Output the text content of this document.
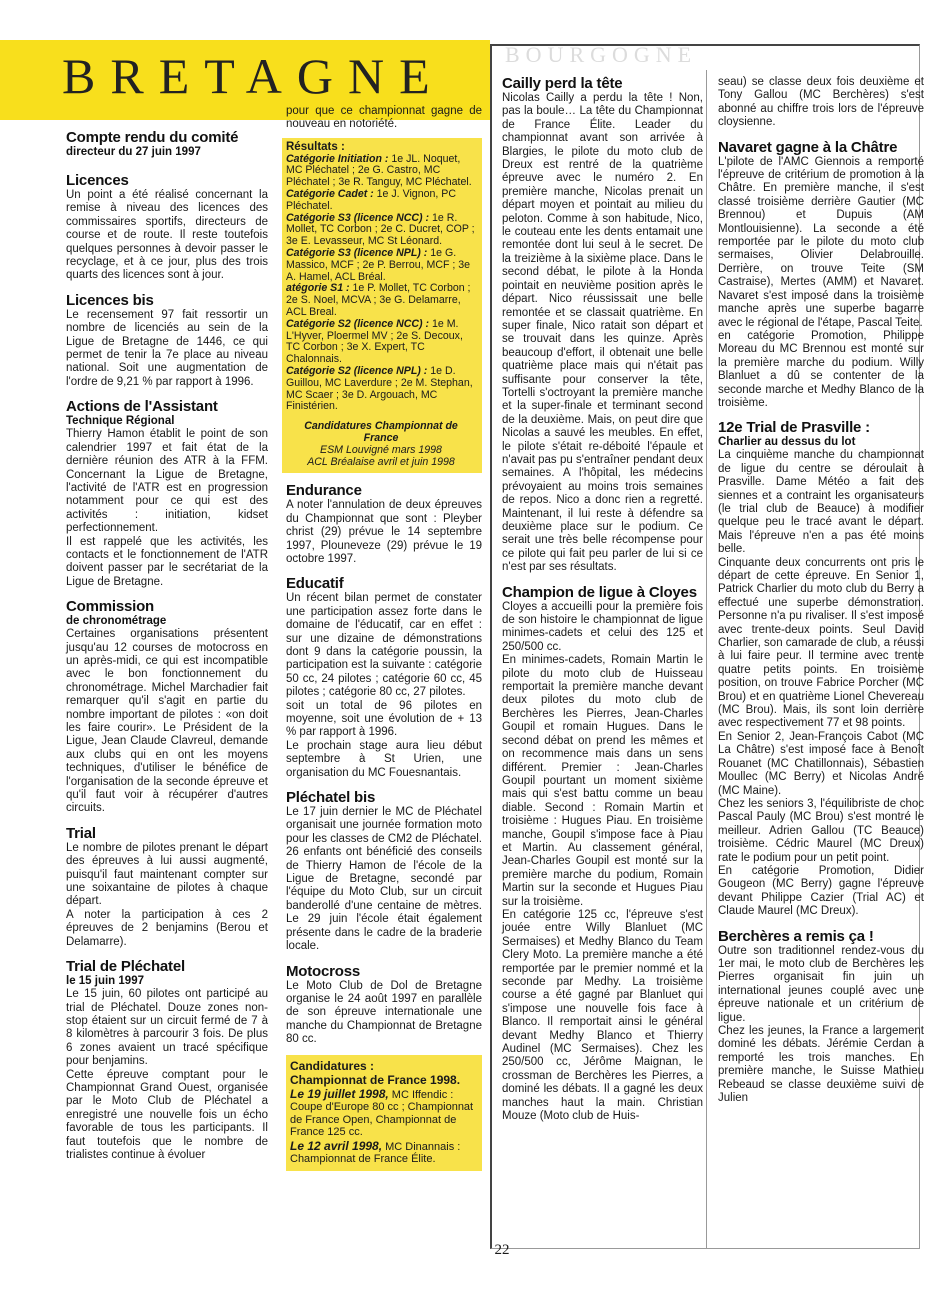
BRETAGNE	BOURGOGNE
Compte rendu du comité
directeur du 27 juin 1997
Licences

Un point a été réalisé concernant la remise à niveau des licences des commissaires sportifs, directeurs de course et de route. Il reste toutefois quelques personnes à devoir passer le recyclage, et à ce jour, plus des trois quarts des licences sont à jour.

Licences bis

Le recensement 97 fait ressortir un nombre de licenciés au sein de la Ligue de Bretagne de 1446, ce qui permet de tenir la 7e place au niveau national. Soit une augmentation de l'ordre de 9,21 % par rapport à 1996.

Actions de l'Assistant
Technique Régional

Thierry Hamon établit le point de son calendrier 1997 et fait état de la dernière réunion des ATR à la FFM. Concernant la Ligue de Bretagne, l'activité de l'ATR est en progression notamment pour ce qui est des activités : initiation, kidset perfectionnement.

Il est rappelé que les activités, les contacts et le fonctionnement de l'ATR doivent passer par le secrétariat de la Ligue de Bretagne.

Commission
de chronométrage

Certaines organisations présentent jusqu'au 12 courses de motocross en un après-midi, ce qui est incompatible avec le bon fonctionnement du chronométrage. Michel Marchadier fait remarquer qu'il s'agit en partie du nombre important de pilotes : «on doit les faire courir». Le Président de la Ligue, Jean Claude Clavreul, demande aux clubs qui en ont les moyens techniques, d'utiliser le bénéfice de l'organisation de la seconde épreuve et qu'il faut voir à récupérer d'autres circuits.

Trial

Le nombre de pilotes prenant le départ des épreuves à lui aussi augmenté, puisqu'il faut maintenant compter sur une soixantaine de pilotes à chaque départ.

A noter la participation à ces 2 épreuves de 2 benjamins (Berou et Delamarre).

Trial de Pléchatel
le 15 juin 1997

Le 15 juin, 60 pilotes ont participé au trial de Pléchatel. Douze zones non-stop étaient sur un circuit fermé de 7 à 8 kilomètres à parcourir 3 fois. De plus 6 zones avaient un tracé spécifique pour benjamins.

Cette épreuve comptant pour le Championnat Grand Ouest, organisée par le Moto Club de Pléchatel a enregistré une nouvelle fois un écho favorable de tous les participants. Il faut toutefois que le nombre de trialistes continue à évoluer

pour que ce championnat gagne de nouveau en notoriété.

Résultats :
Catégorie Initiation : 1e JL. Noquet, MC Pléchatel ; 2e G. Castro, MC Pléchatel ; 3e R. Tanguy, MC Pléchatel.
Catégorie Cadet : 1e J. Vignon, PC Pléchatel.
Catégorie S3 (licence NCC) : 1e R. Mollet, TC Corbon ; 2e C. Ducret, COP ; 3e E. Levasseur, MC St Léonard.
Catégorie S3 (licence NPL) : 1e G. Massico, MCF ; 2e P. Berrou, MCF ; 3e A. Hamel, ACL Bréal.
atégorie S1 : 1e P. Mollet, TC Corbon ; 2e S. Noel, MCVA ; 3e G. Delamarre, ACL Breal.
Catégorie S2 (licence NCC) : 1e M. L'Hyver, Ploermel MV ; 2e S. Decoux, TC Corbon ; 3e X. Expert, TC Chalonnais.
Catégorie S2 (licence NPL) : 1e D. Guillou, MC Laverdure ; 2e M. Stephan, MC Scaer ; 3e D. Argouach, MC Finistérien.
Candidatures Championnat de France
ESM Louvigné mars 1998
ACL Bréalaise avril et juin 1998
Endurance

A noter l'annulation de deux épreuves du Championnat que sont : Pleyber christ (29) prévue le 14 septembre 1997, Plouneveze (29) prévue le 19 octobre 1997.

Educatif

Un récent bilan permet de constater une participation assez forte dans le domaine de l'éducatif, car en effet : sur une dizaine de démonstrations dont 9 dans la catégorie poussin, la participation est la suivante : catégorie 50 cc, 24 pilotes ; catégorie 60 cc, 45 pilotes ; catégorie 80 cc, 27 pilotes.

soit un total de 96 pilotes en moyenne, soit une évolution de + 13 % par rapport à 1996.

Le prochain stage aura lieu début septembre à St Urien, une organisation du MC Fouesnantais.

Pléchatel bis

Le 17 juin dernier le MC de Pléchatel organisait une journée formation moto pour les classes de CM2 de Pléchatel. 26 enfants ont bénéficié des conseils de Thierry Hamon de l'école de la Ligue de Bretagne, secondé par l'équipe du Moto Club, sur un circuit banderollé d'une centaine de mètres. Le 29 juin l'école était également présente dans le cadre de la braderie locale.

Motocross

Le Moto Club de Dol de Bretagne organise le 24 août 1997 en parallèle de son épreuve internationale une manche du Championnat de Bretagne 80 cc.

Candidatures :
Championnat de France 1998.
Le 19 juillet 1998, MC Iffendic : Coupe d'Europe 80 cc ; Championnat de France Open, Championnat de France 125 cc.
Le 12 avril 1998, MC Dinannais : Championnat de France Élite.
Cailly perd la tête

Nicolas Cailly a perdu la tête ! Non, pas la boule… La tête du Championnat de France Élite. Leader du championnat avant son arrivée à Blargies, le pilote du moto club de Dreux est rentré de la quatrième épreuve avec le numéro 2. En première manche, Nicolas prenait un départ moyen et pointait au milieu du peloton. Comme à son habitude, Nico, le couteau ente les dents entamait une remontée dont lui seul à le secret. De la treizième à la sixième place. Dans le second débat, le pilote à la Honda pointait en neuvième position après le départ. Nico réussissait une belle remontée et se classait quatrième. En super finale, Nico ratait son départ et se trouvait dans les quinze. Après beaucoup d'effort, il obtenait une belle quatrième place mais qui n'était pas suffisante pour conserver la tête, Tortelli s'octroyant la première manche et la super-finale et terminant second de la deuxième. Mais, on peut dire que Nicolas a sauvé les meubles. En effet, le pilote s'était re-déboité l'épaule et n'avait pas pu s'entraîner pendant deux semaines. A l'hôpital, les médecins prévoyaient au moins trois semaines de repos. Nico a donc rien a regretté. Maintenant, il lui reste à défendre sa deuxième place sur le podium. Ce serait une très belle récompense pour ce pilote qui fait peu parler de lui si ce n'est par ses résultats.

Champion de ligue à Cloyes

Cloyes a accueilli pour la première fois de son histoire le championnat de ligue minimes-cadets et celui des 125 et 250/500 cc.

En minimes-cadets, Romain Martin le pilote du moto club de Huisseau remportait la première manche devant deux pilotes du moto club de Berchères les Pierres, Jean-Charles Goupil et romain Hugues. Dans le second débat on prend les mêmes et on recommence mais dans un sens différent. Premier : Jean-Charles Goupil pourtant un moment sixième mais qui s'est battu comme un beau diable. Second : Romain Martin et troisième : Hugues Piau. En troisième manche, Goupil s'impose face à Piau et Martin. Au classement général, Jean-Charles Goupil est monté sur la première marche du podium, Romain Martin sur la seconde et Hugues Piau sur la troisième.

En catégorie 125 cc, l'épreuve s'est jouée entre Willy Blanluet (MC Sermaises) et Medhy Blanco du Team Clery Moto. La première manche a été remportée par le premier nommé et la seconde par Medhy. La troisième course a été gagné par Blanluet qui s'impose une nouvelle fois face à Blanco. Il remportait ainsi le général devant Medhy Blanco et Thierry Audinel (MC Sermaises). Chez les 250/500 cc, Jérôme Maignan, le crossman de Berchères les Pierres, a dominé les débats. Il a gagné les deux manches haut la main. Christian Mouze (Moto club de Huis-

seau) se classe deux fois deuxième et Tony Gallou (MC Berchères) s'est abonné au chiffre trois lors de l'épreuve cloysienne.

Navaret gagne à la Châtre

L'pilote de l'AMC Giennois a remporté l'épreuve de critérium de promotion à la Châtre. En première manche, il s'est classé troisième derrière Gautier (MC Brennou) et Dupuis (AM Montlouisienne). La seconde a été remportée par le pilote du moto club sermaises, Olivier Delabrouille. Derrière, on trouve Teite (SM Castraise), Mertes (AMM) et Navaret. Navaret s'est imposé dans la troisième manche après une superbe bagarre avec le régional de l'étape, Pascal Teite.

en catégorie Promotion, Philippe Moreau du MC Brennou est monté sur la première marche du podium. Willy Blanluet a dû se contenter de la seconde marche et Medhy Blanco de la troisième.

12e Trial de Prasville :
Charlier au dessus du lot

La cinquième manche du championnat de ligue du centre se déroulait à Prasville. Dame Météo a fait des siennes et a contraint les organisateurs (le trial club de Beauce) à modifier quelque peu le tracé avant le départ. Mais l'épreuve n'en a pas été moins belle.

Cinquante deux concurrents ont pris le départ de cette épreuve. En Senior 1, Patrick Charlier du moto club du Berry a effectué une superbe démonstration. Personne n'a pu rivaliser. Il s'est imposé avec trente-deux points. Seul David Charlier, son camarade de club, a réussi à lui faire peur. Il termine avec trente quatre petits points. En troisième position, on trouve Fabrice Porcher (MC Brou) et en quatrième Lionel Chevereau (MC Brou). Mais, ils sont loin derrière avec respectivement 77 et 98 points.

En Senior 2, Jean-François Cabot (MC La Châtre) s'est imposé face à Benoît Rouanet (MC Chatillonnais), Sébastien Moullec (MC Berry) et Nicolas André (MC Maine).

Chez les seniors 3, l'équilibriste de choc Pascal Pauly (MC Brou) s'est montré le meilleur. Adrien Gallou (TC Beauce) troisième. Cédric Maurel (MC Dreux) rate le podium pour un petit point.

En catégorie Promotion, Didier Gougeon (MC Berry) gagne l'épreuve devant Philippe Cazier (Trial AC) et Claude Maurel (MC Dreux).

Berchères a remis ça !

Outre son traditionnel rendez-vous du 1er mai, le moto club de Berchères les Pierres organisait fin juin un international jeunes couplé avec une épreuve nationale et un critérium de ligue.

Chez les jeunes, la France a largement dominé les débats. Jérémie Cerdan a remporté les trois manches. En première manche, le Suisse Mathieu Rebeaud se classe deuxième suivi de Julien

22
